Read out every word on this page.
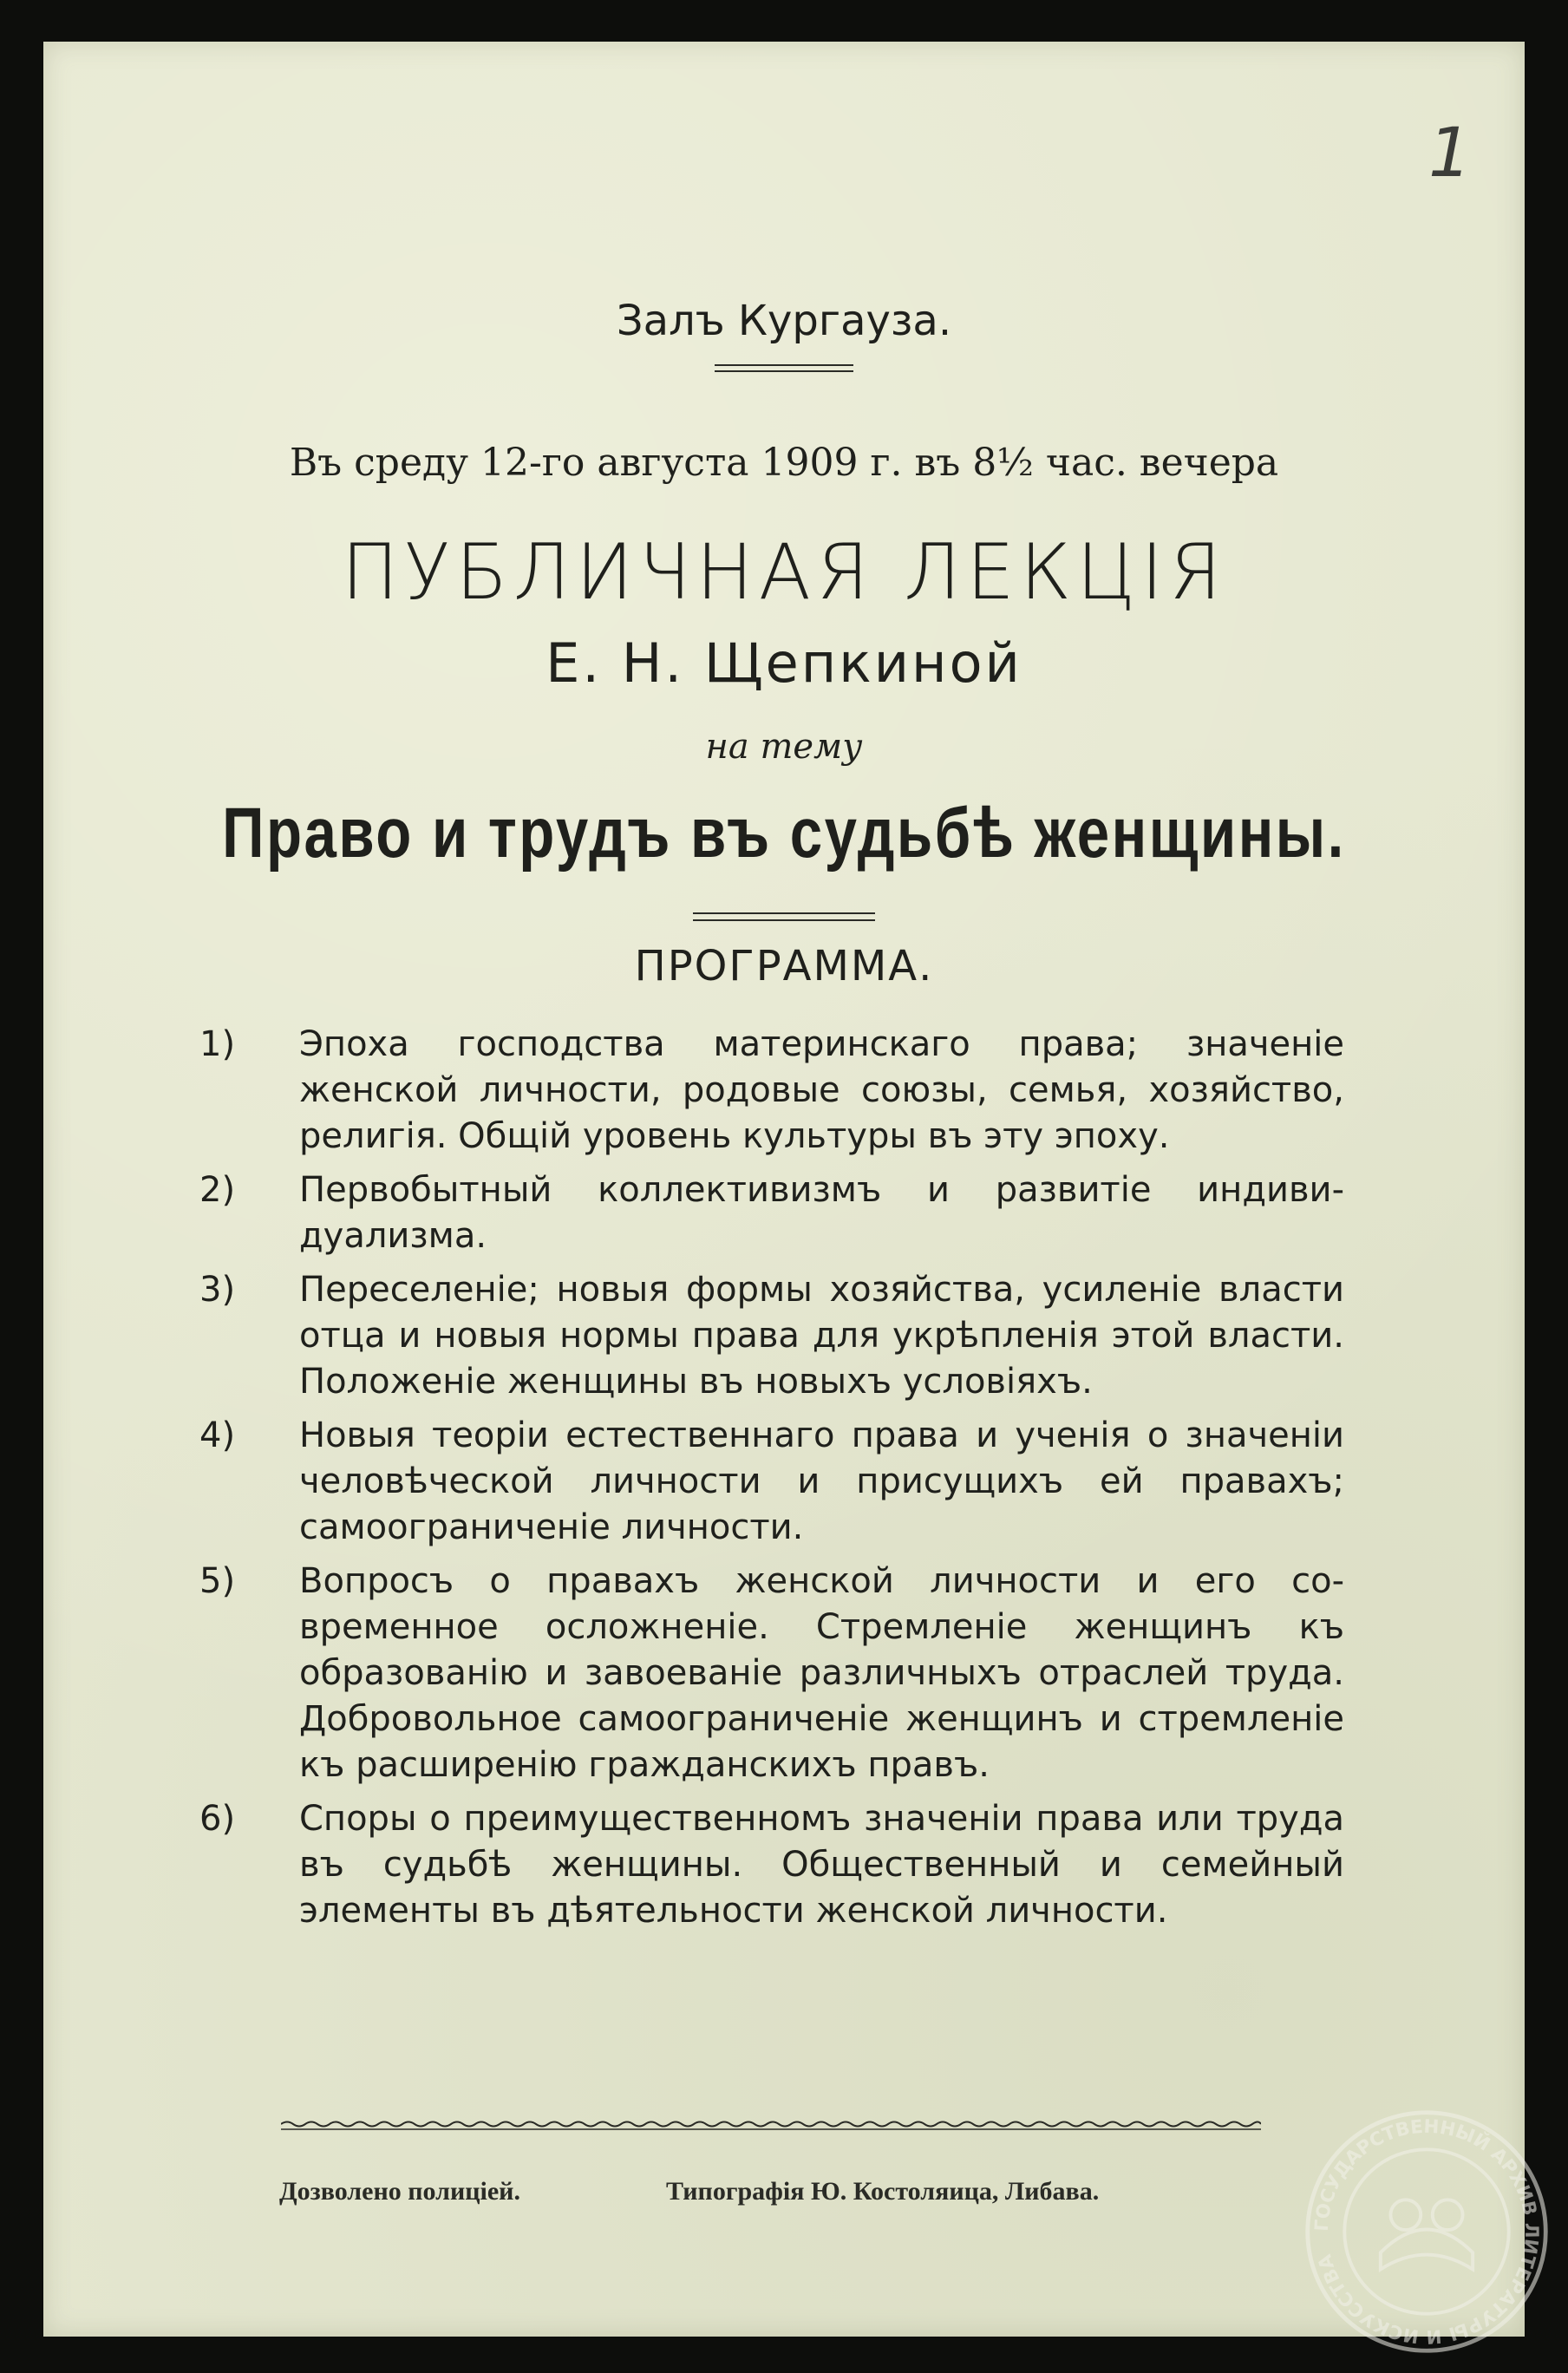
1
Залъ Кургауза.
Въ среду 12-го августа 1909 г. въ 8½ час. вечера
ПУБЛИЧНАЯ ЛЕКЦІЯ
Е. Н. Щепкиной
на тему
Право и трудъ въ судьбѣ женщины.
ПРОГРАММА.
1)	Эпоха господства материнскаго права; значеніе женской личности, родовые союзы, семья, хозяйство, религія. Общій уровень культуры въ эту эпоху.
2)	Первобытный коллективизмъ и развитіе индивидуализма.
3)	Переселеніе; новыя формы хозяйства, усиленіе власти отца и новыя нормы права для укрѣпленія этой власти. Положеніе женщины въ новыхъ условіяхъ.
4)	Новыя теоріи естественнаго права и ученія о значеніи человѣческой личности и присущихъ ей правахъ; самоограниченіе личности.
5)	Вопросъ о правахъ женской личности и его современное осложненіе. Стремленіе женщинъ къ образованію и завоеваніе различныхъ отраслей труда. Добровольное самоограниченіе женщинъ и стремленіе къ расширенію гражданскихъ правъ.
6)	Споры о преимущественномъ значеніи права или труда въ судьбѣ женщины. Общественный и семейный элементы въ дѣятельности женской личности.
Дозволено полиціей.	Типографія Ю. Костоляица, Либава.
ГОСУДАРСТВЕННЫЙ АРХИВ ЛИТЕРАТУРЫ И ИСКУССТВА
